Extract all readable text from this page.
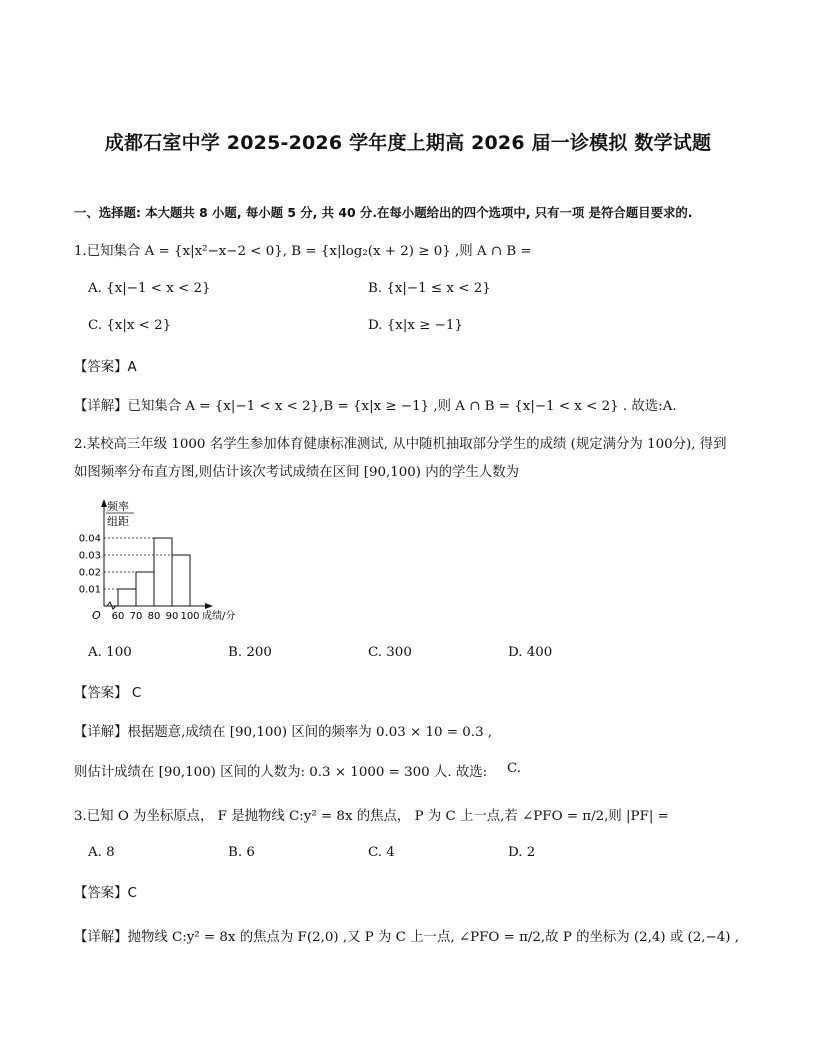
成都石室中学 2025-2026 学年度上期高 2026 届一诊模拟 数学试题
一、选择题: 本大题共 8 小题, 每小题 5 分, 共 40 分.在每小题给出的四个选项中, 只有一项 是符合题目要求的.
1.已知集合 A = {x|x²−x−2 < 0}, B = {x|log₂(x + 2) ≥ 0} ,则 A ∩ B =
A. {x|−1 < x < 2}	B. {x|−1 ≤ x < 2}
C. {x|x < 2}	D. {x|x ≥ −1}
【答案】A
【详解】已知集合 A = {x|−1 < x < 2},B = {x|x ≥ −1} ,则 A ∩ B = {x|−1 < x < 2} . 故选:A.
2.某校高三年级 1000 名学生参加体育健康标准测试, 从中随机抽取部分学生的成绩 (规定满分为 100分), 得到
如图频率分布直方图,则估计该次考试成绩在区间 [90,100) 内的学生人数为
0.01
0.02
0.03
0.04
60 70 80 90 100 成绩/分
O
频率
组距
A. 100	B. 200	C. 300	D. 400
【答案】 C
【详解】根据题意,成绩在 [90,100) 区间的频率为 0.03 × 10 = 0.3 ,
则估计成绩在 [90,100) 区间的人数为: 0.3 × 1000 = 300 人. 故选: C.
3.已知 O 为坐标原点， F 是抛物线 C:y² = 8x 的焦点， P 为 C 上一点,若 ∠PFO = π/2,则 |PF| =
A. 8	B. 6	C. 4	D. 2
【答案】C
【详解】抛物线 C:y² = 8x 的焦点为 F(2,0) ,又 P 为 C 上一点, ∠PFO = π/2,故 P 的坐标为 (2,4) 或 (2,−4) ,
